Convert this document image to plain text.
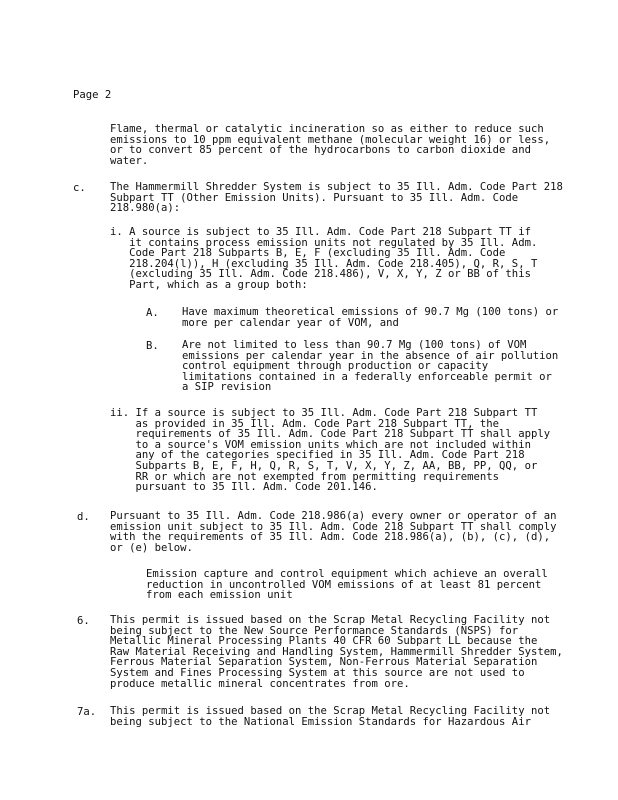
Page 2
Flame, thermal or catalytic incineration so as either to reduce such
emissions to 10 ppm equivalent methane (molecular weight 16) or less,
or to convert 85 percent of the hydrocarbons to carbon dioxide and
water.
c. The Hammermill Shredder System is subject to 35 Ill. Adm. Code Part 218
Subpart TT (Other Emission Units). Pursuant to 35 Ill. Adm. Code
218.980(a):
i. A source is subject to 35 Ill. Adm. Code Part 218 Subpart TT if
it contains process emission units not regulated by 35 Ill. Adm.
Code Part 218 Subparts B, E, F (excluding 35 Ill. Adm. Code
218.204(l)), H (excluding 35 Ill. Adm. Code 218.405), Q, R, S, T
(excluding 35 Ill. Adm. Code 218.486), V, X, Y, Z or BB of this
Part, which as a group both:
A. Have maximum theoretical emissions of 90.7 Mg (100 tons) or
more per calendar year of VOM, and
B. Are not limited to less than 90.7 Mg (100 tons) of VOM
emissions per calendar year in the absence of air pollution
control equipment through production or capacity
limitations contained in a federally enforceable permit or
a SIP revision
ii. If a source is subject to 35 Ill. Adm. Code Part 218 Subpart TT
as provided in 35 Ill. Adm. Code Part 218 Subpart TT, the
requirements of 35 Ill. Adm. Code Part 218 Subpart TT shall apply
to a source's VOM emission units which are not included within
any of the categories specified in 35 Ill. Adm. Code Part 218
Subparts B, E, F, H, Q, R, S, T, V, X, Y, Z, AA, BB, PP, QQ, or
RR or which are not exempted from permitting requirements
pursuant to 35 Ill. Adm. Code 201.146.
d. Pursuant to 35 Ill. Adm. Code 218.986(a) every owner or operator of an
emission unit subject to 35 Ill. Adm. Code 218 Subpart TT shall comply
with the requirements of 35 Ill. Adm. Code 218.986(a), (b), (c), (d),
or (e) below.
Emission capture and control equipment which achieve an overall
reduction in uncontrolled VOM emissions of at least 81 percent
from each emission unit
6. This permit is issued based on the Scrap Metal Recycling Facility not
being subject to the New Source Performance Standards (NSPS) for
Metallic Mineral Processing Plants 40 CFR 60 Subpart LL because the
Raw Material Receiving and Handling System, Hammermill Shredder System,
Ferrous Material Separation System, Non-Ferrous Material Separation
System and Fines Processing System at this source are not used to
produce metallic mineral concentrates from ore.
7a. This permit is issued based on the Scrap Metal Recycling Facility not
being subject to the National Emission Standards for Hazardous Air
